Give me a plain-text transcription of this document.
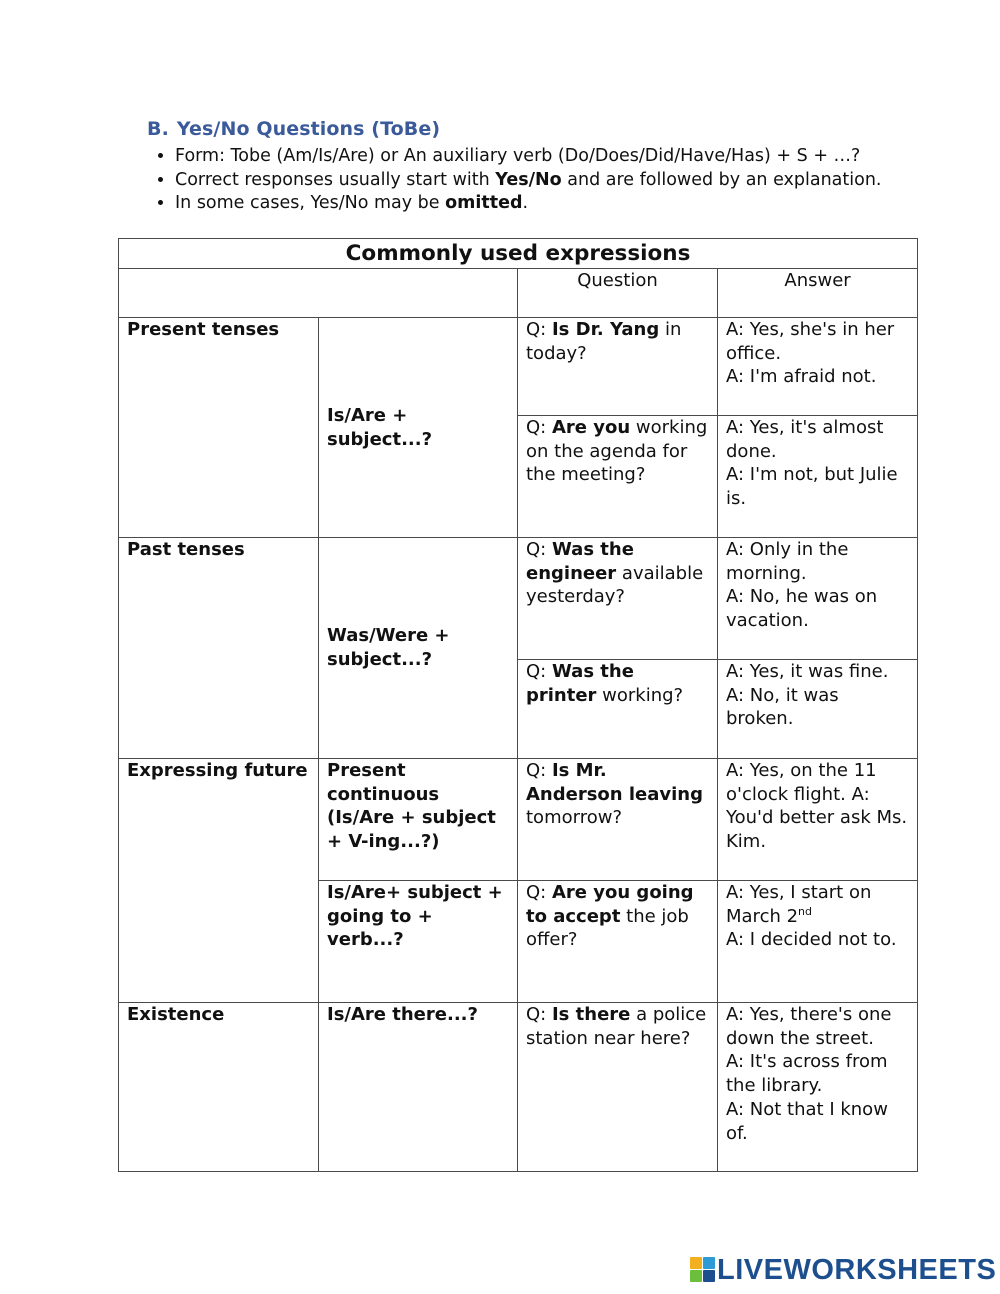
B. Yes/No Questions (ToBe)
• Form: Tobe (Am/Is/Are) or An auxiliary verb (Do/Does/Did/Have/Has) + S + …?
• Correct responses usually start with Yes/No and are followed by an explanation.
• In some cases, Yes/No may be omitted.
Commonly used expressions			
		Question	Answer
Present tenses	Is/Are + subject...?	Q: Is Dr. Yang in today?	A: Yes, she's in her office.
A: I'm afraid not.

		Q: Are you working on the agenda for the meeting?	A: Yes, it's almost done.
A: I'm not, but Julie is.

Past tenses	Was/Were + subject...?	Q: Was the engineer available yesterday?	A: Only in the morning.
A: No, he was on vacation.

		Q: Was the printer working?	A: Yes, it was fine.
A: No, it was broken.

Expressing future	Present continuous (Is/Are + subject + V-ing...?)	Q: Is Mr. Anderson leaving tomorrow?	A: Yes, on the 11 o'clock flight. A: You'd better ask Ms. Kim.
	Is/Are+ subject + going to + verb...?	Q: Are you going to accept the job offer?	A: Yes, I start on March 2nd
A: I decided not to.

Existence	Is/Are there...?	Q: Is there a police station near here?	A: Yes, there's one down the street.
A: It's across from the library.
A: Not that I know of.
LIVEWORKSHEETS
